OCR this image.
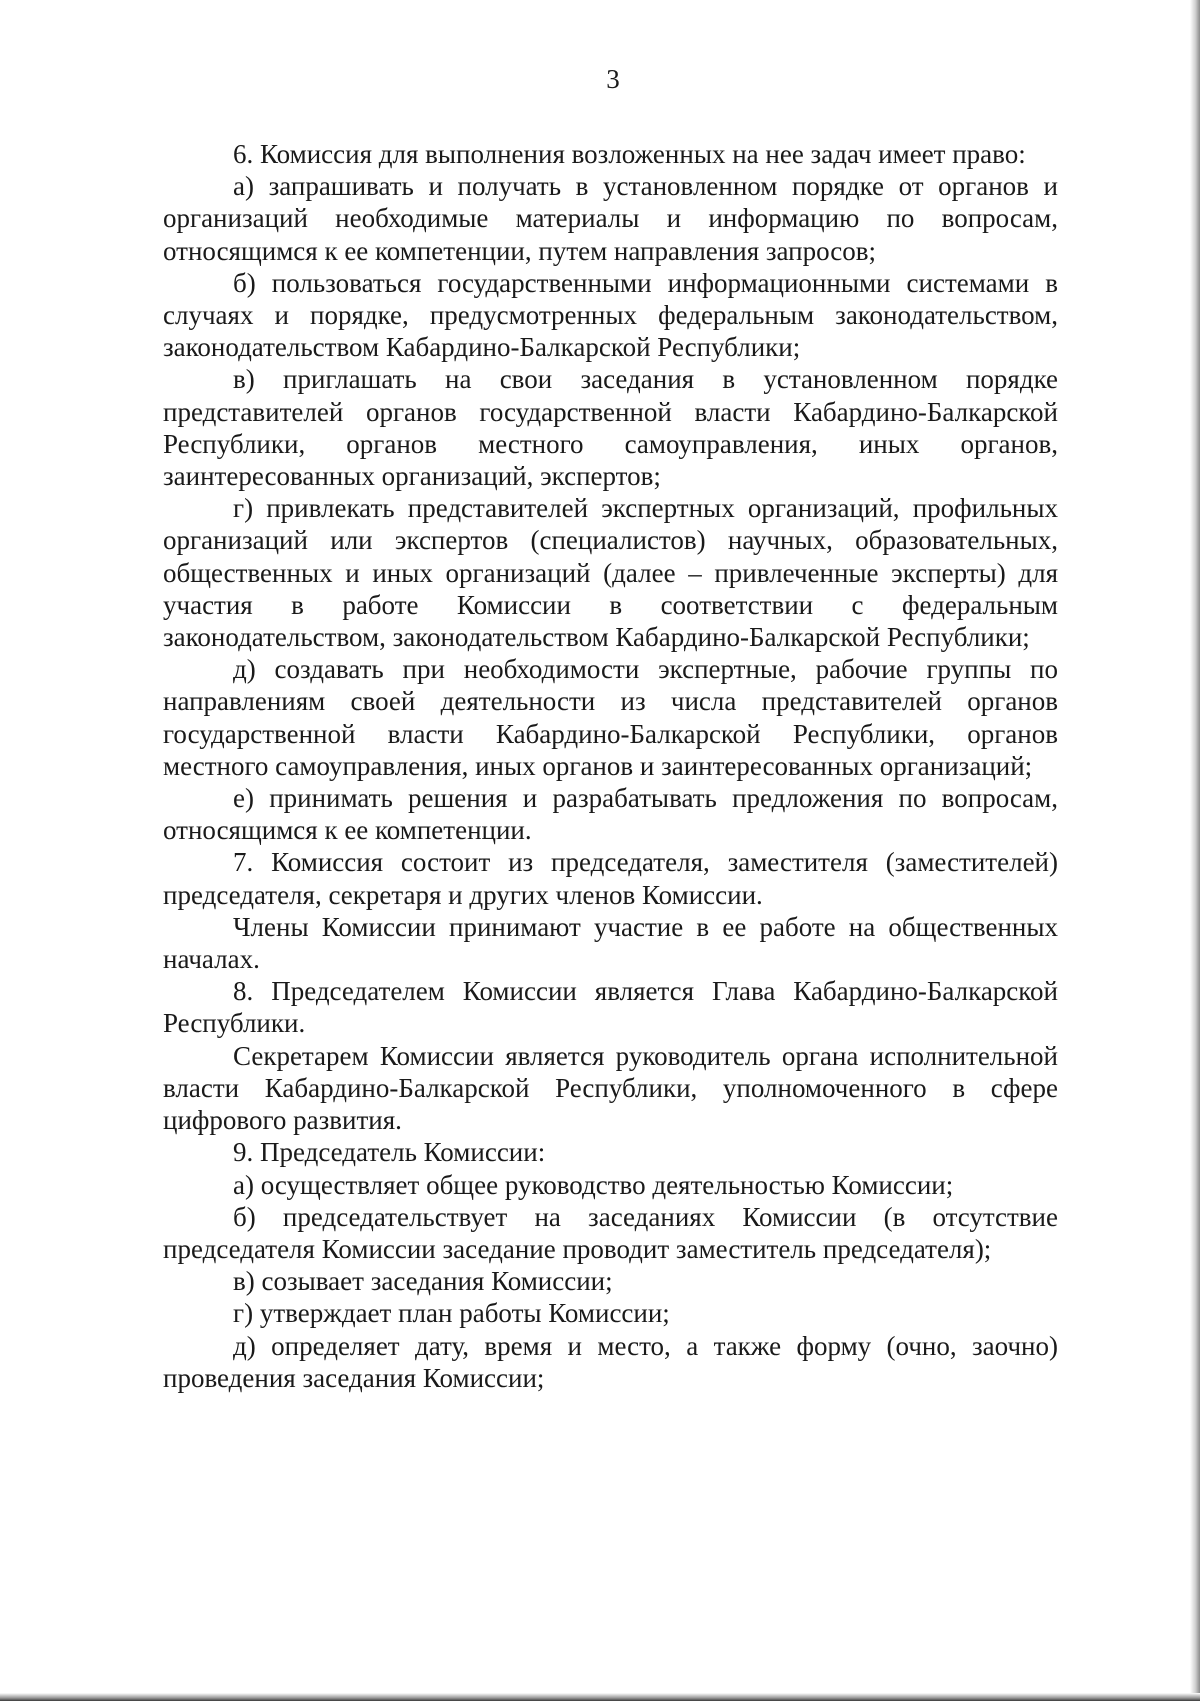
3

6. Комиссия для выполнения возложенных на нее задач имеет право:

а) запрашивать и получать в установленном порядке от органов и организаций необходимые материалы и информацию по вопросам, относящимся к ее компетенции, путем направления запросов;

б) пользоваться государственными информационными системами в случаях и порядке, предусмотренных федеральным законодательством, законодательством Кабардино-Балкарской Республики;

в) приглашать на свои заседания в установленном порядке представителей органов государственной власти Кабардино-Балкарской Республики, органов местного самоуправления, иных органов, заинтересованных организаций, экспертов;

г) привлекать представителей экспертных организаций, профильных организаций или экспертов (специалистов) научных, образовательных, общественных и иных организаций (далее – привлеченные эксперты) для участия в работе Комиссии в соответствии с федеральным законодательством, законодательством Кабардино-Балкарской Республики;

д) создавать при необходимости экспертные, рабочие группы по направлениям своей деятельности из числа представителей органов государственной власти Кабардино-Балкарской Республики, органов местного самоуправления, иных органов и заинтересованных организаций;

е) принимать решения и разрабатывать предложения по вопросам, относящимся к ее компетенции.

7. Комиссия состоит из председателя, заместителя (заместителей) председателя, секретаря и других членов Комиссии.

Члены Комиссии принимают участие в ее работе на общественных началах.

8. Председателем Комиссии является Глава Кабардино-Балкарской Республики.

Секретарем Комиссии является руководитель органа исполнительной власти Кабардино-Балкарской Республики, уполномоченного в сфере цифрового развития.

9. Председатель Комиссии:

а) осуществляет общее руководство деятельностью Комиссии;

б) председательствует на заседаниях Комиссии (в отсутствие председателя Комиссии заседание проводит заместитель председателя);

в) созывает заседания Комиссии;

г) утверждает план работы Комиссии;

д) определяет дату, время и место, а также форму (очно, заочно) проведения заседания Комиссии;
